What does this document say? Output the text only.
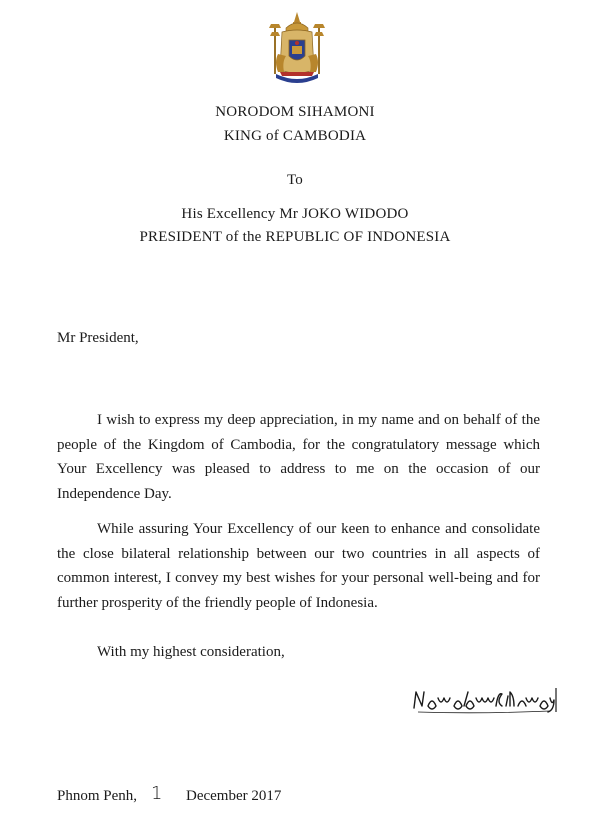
NORODOM SIHAMONI
KING of CAMBODIA
To
His Excellency Mr JOKO WIDODO
PRESIDENT of the REPUBLIC OF INDONESIA
Mr President,

I wish to express my deep appreciation, in my name and on behalf of the people of the Kingdom of Cambodia, for the congratulatory message which Your Excellency was pleased to address to me on the occasion of our Independence Day.

While assuring Your Excellency of our keen to enhance and consolidate the close bilateral relationship between our two countries in all aspects of common interest, I convey my best wishes for your personal well-being and for further prosperity of the friendly people of Indonesia.

With my highest consideration,
Phnom Penh, 1 December 2017
